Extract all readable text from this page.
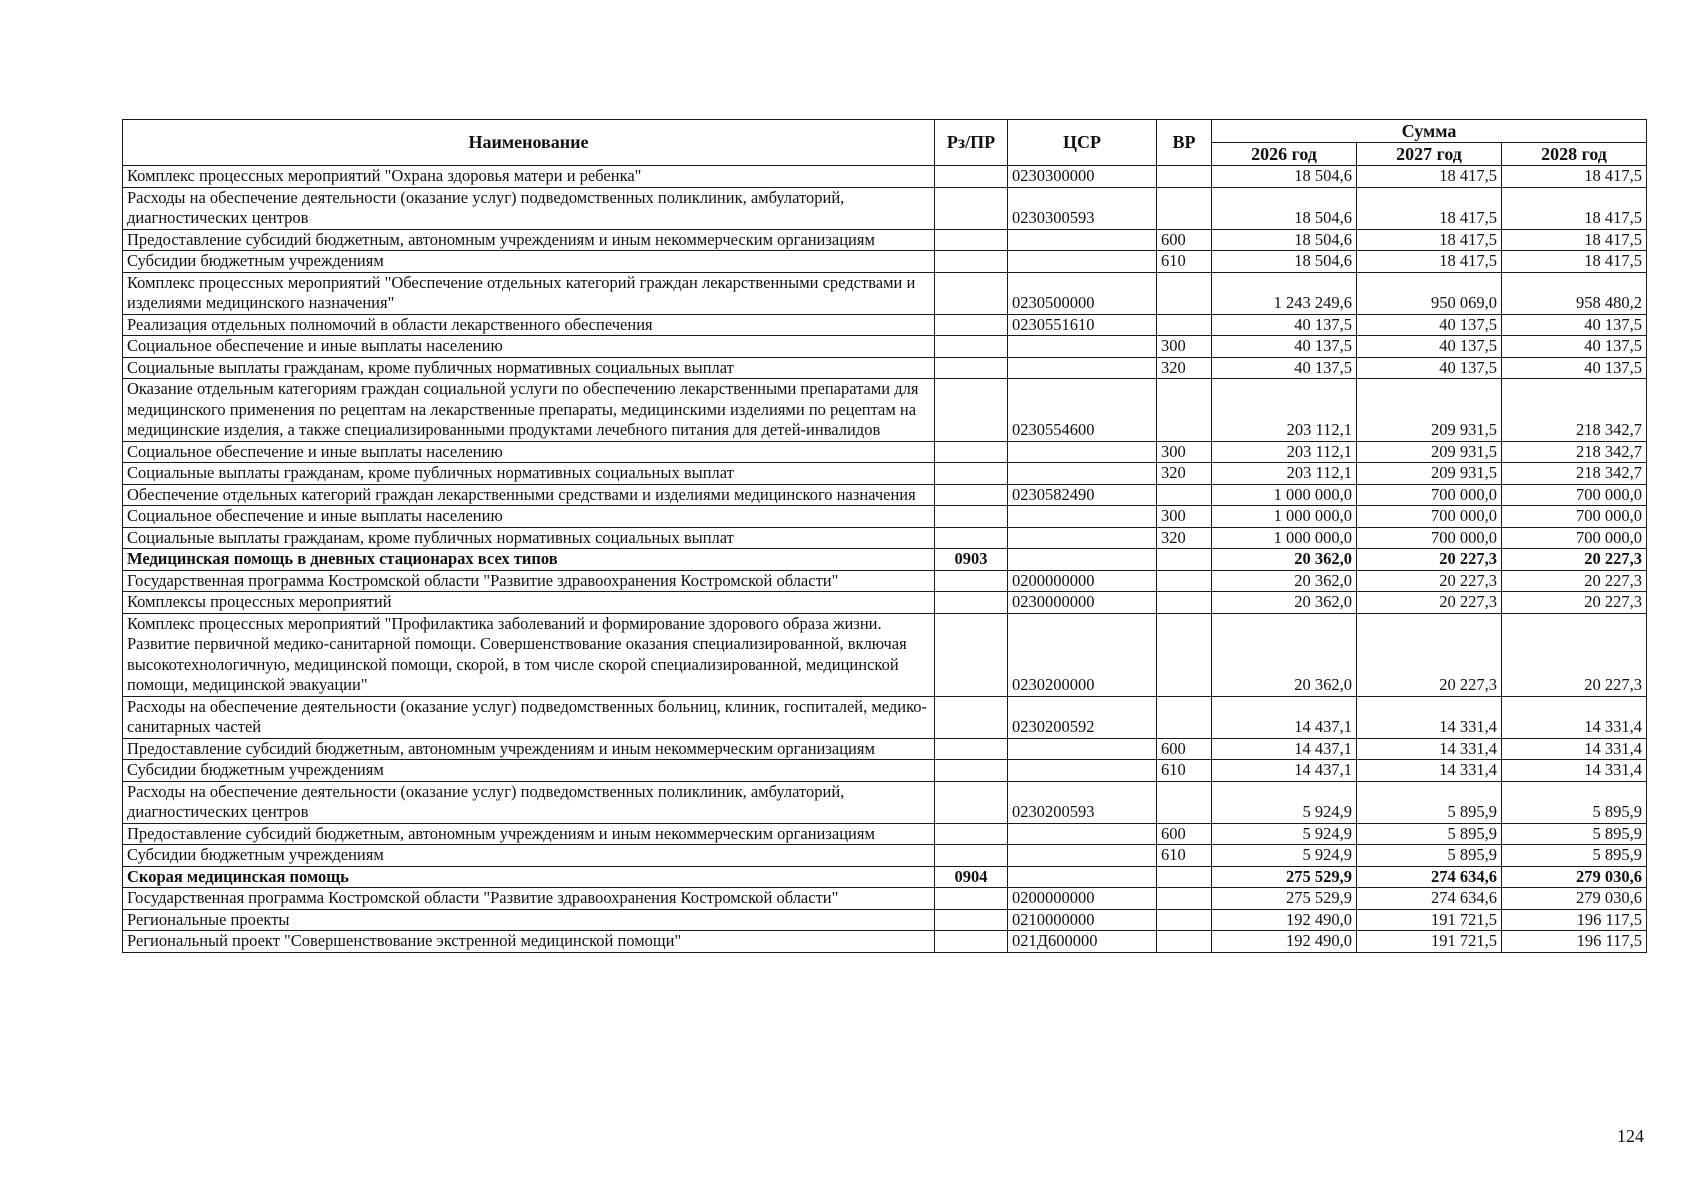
Наименование	Рз/ПР	ЦСР	ВР	Сумма		
				2026 год	2027 год	2028 год
Комплекс процессных мероприятий "Охрана здоровья матери и ребенка"		0230300000		18 504,6	18 417,5	18 417,5
Расходы на обеспечение деятельности (оказание услуг) подведомственных поликлиник, амбулаторий, диагностических центров		0230300593		18 504,6	18 417,5	18 417,5
Предоставление субсидий бюджетным, автономным учреждениям и иным некоммерческим организациям			600	18 504,6	18 417,5	18 417,5
Субсидии бюджетным учреждениям			610	18 504,6	18 417,5	18 417,5
Комплекс процессных мероприятий "Обеспечение отдельных категорий граждан лекарственными средствами и изделиями медицинского назначения"		0230500000		1 243 249,6	950 069,0	958 480,2
Реализация отдельных полномочий в области лекарственного обеспечения		0230551610		40 137,5	40 137,5	40 137,5
Социальное обеспечение и иные выплаты населению			300	40 137,5	40 137,5	40 137,5
Социальные выплаты гражданам, кроме публичных нормативных социальных выплат			320	40 137,5	40 137,5	40 137,5
Оказание отдельным категориям граждан социальной услуги по обеспечению лекарственными препаратами для медицинского применения по рецептам на лекарственные препараты, медицинскими изделиями по рецептам на медицинские изделия, а также специализированными продуктами лечебного питания для детей-инвалидов		0230554600		203 112,1	209 931,5	218 342,7
Социальное обеспечение и иные выплаты населению			300	203 112,1	209 931,5	218 342,7
Социальные выплаты гражданам, кроме публичных нормативных социальных выплат			320	203 112,1	209 931,5	218 342,7
Обеспечение отдельных категорий граждан лекарственными средствами и изделиями медицинского назначения		0230582490		1 000 000,0	700 000,0	700 000,0
Социальное обеспечение и иные выплаты населению			300	1 000 000,0	700 000,0	700 000,0
Социальные выплаты гражданам, кроме публичных нормативных социальных выплат			320	1 000 000,0	700 000,0	700 000,0
Медицинская помощь в дневных стационарах всех типов	0903			20 362,0	20 227,3	20 227,3
Государственная программа Костромской области "Развитие здравоохранения Костромской области"		0200000000		20 362,0	20 227,3	20 227,3
Комплексы процессных мероприятий		0230000000		20 362,0	20 227,3	20 227,3
Комплекс процессных мероприятий "Профилактика заболеваний и формирование здорового образа жизни. Развитие первичной медико-санитарной помощи. Совершенствование оказания специализированной, включая высокотехнологичную, медицинской помощи, скорой, в том числе скорой специализированной, медицинской помощи, медицинской эвакуации"		0230200000		20 362,0	20 227,3	20 227,3
Расходы на обеспечение деятельности (оказание услуг) подведомственных больниц, клиник, госпиталей, медико-санитарных частей		0230200592		14 437,1	14 331,4	14 331,4
Предоставление субсидий бюджетным, автономным учреждениям и иным некоммерческим организациям			600	14 437,1	14 331,4	14 331,4
Субсидии бюджетным учреждениям			610	14 437,1	14 331,4	14 331,4
Расходы на обеспечение деятельности (оказание услуг) подведомственных поликлиник, амбулаторий, диагностических центров		0230200593		5 924,9	5 895,9	5 895,9
Предоставление субсидий бюджетным, автономным учреждениям и иным некоммерческим организациям			600	5 924,9	5 895,9	5 895,9
Субсидии бюджетным учреждениям			610	5 924,9	5 895,9	5 895,9
Скорая медицинская помощь	0904			275 529,9	274 634,6	279 030,6
Государственная программа Костромской области "Развитие здравоохранения Костромской области"		0200000000		275 529,9	274 634,6	279 030,6
Региональные проекты		0210000000		192 490,0	191 721,5	196 117,5
Региональный проект "Совершенствование экстренной медицинской помощи"		021Д600000		192 490,0	191 721,5	196 117,5
124
